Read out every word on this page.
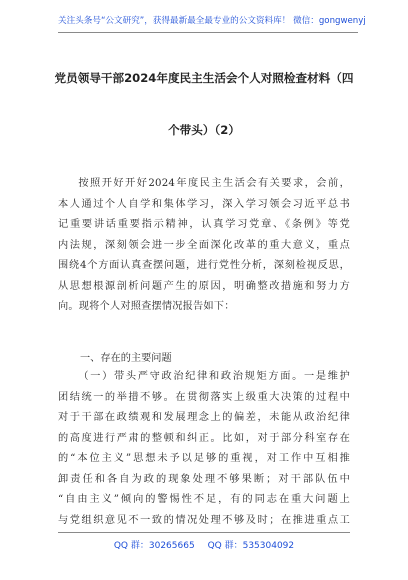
关注头条号“公文研究”，获得最新最全最专业的公文资料库！ 微信：gongwenyj
党员领导干部2024年度民主生活会个人对照检查材料（四
个带头）（2）
按照开好开好2024年度民主生活会有关要求，会前，
本人通过个人自学和集体学习，深入学习领会习近平总书
记重要讲话重要指示精神，认真学习党章、《条例》等党
内法规，深刻领会进一步全面深化改革的重大意义，重点
围绕4个方面认真查摆问题，进行党性分析，深刻检视反思，
从思想根源剖析问题产生的原因，明确整改措施和努力方
向。现将个人对照查摆情况报告如下：
一、存在的主要问题
（一）带头严守政治纪律和政治规矩方面。一是维护
团结统一的举措不够。在贯彻落实上级重大决策的过程中
对于干部在政绩观和发展理念上的偏差，未能从政治纪律
的高度进行严肃的整顿和纠正。比如，对于部分科室存在
的“本位主义”思想未予以足够的重视，对工作中互相推
卸责任和各自为政的现象处理不够果断；对干部队伍中
“自由主义”倾向的警惕性不足，有的同志在重大问题上
与党组织意见不一致的情况处理不够及时；在推进重点工
QQ 群：30265665 QQ 群：535304092
